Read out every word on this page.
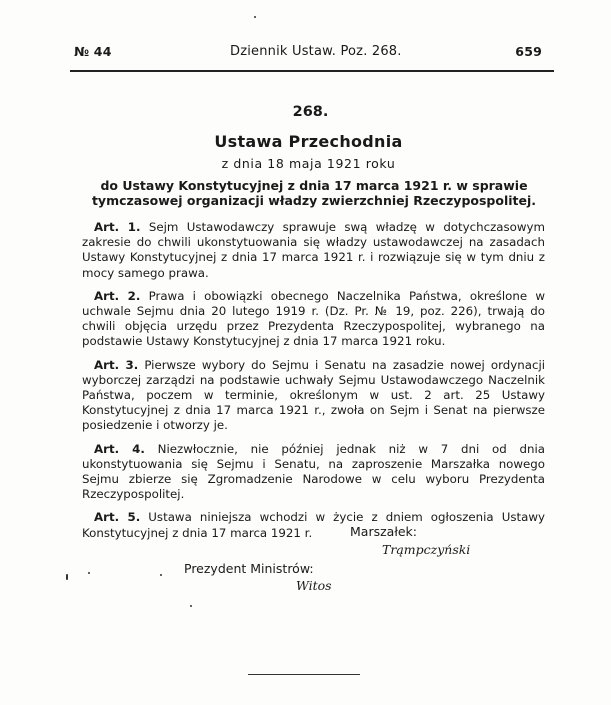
№ 44	Dziennik Ustaw. Poz. 268.	659
268.
Ustawa Przechodnia
z dnia 18 maja 1921 roku
do Ustawy Konstytucyjnej z dnia 17 marca 1921 r. w sprawie tymczasowej organizacji władzy zwierzchniej Rzeczypospolitej.

Art. 1. Sejm Ustawodawczy sprawuje swą władzę w dotychczasowym zakresie do chwili ukonstytuowania się władzy ustawodawczej na zasadach Ustawy Konstytucyjnej z dnia 17 marca 1921 r. i rozwiązuje się w tym dniu z mocy samego prawa.

Art. 2. Prawa i obowiązki obecnego Naczelnika Państwa, określone w uchwale Sejmu dnia 20 lutego 1919 r. (Dz. Pr. № 19, poz. 226), trwają do chwili objęcia urzędu przez Prezydenta Rzeczypospolitej, wybranego na podstawie Ustawy Konstytucyjnej z dnia 17 marca 1921 roku.

Art. 3. Pierwsze wybory do Sejmu i Senatu na zasadzie nowej ordynacji wyborczej zarządzi na podstawie uchwały Sejmu Ustawodawczego Naczelnik Państwa, poczem w terminie, określonym w ust. 2 art. 25 Ustawy Konstytucyjnej z dnia 17 marca 1921 r., zwoła on Sejm i Senat na pierwsze posiedzenie i otworzy je.

Art. 4. Niezwłocznie, nie później jednak niż w 7 dni od dnia ukonstytuowania się Sejmu i Senatu, na zaproszenie Marszałka nowego Sejmu zbierze się Zgromadzenie Narodowe w celu wyboru Prezydenta Rzeczypospolitej.

Art. 5. Ustawa niniejsza wchodzi w życie z dniem ogłoszenia Ustawy Konstytucyjnej z dnia 17 marca 1921 r.	Marszałek:
Trąmpczyński
Prezydent Ministrów:
Witos
